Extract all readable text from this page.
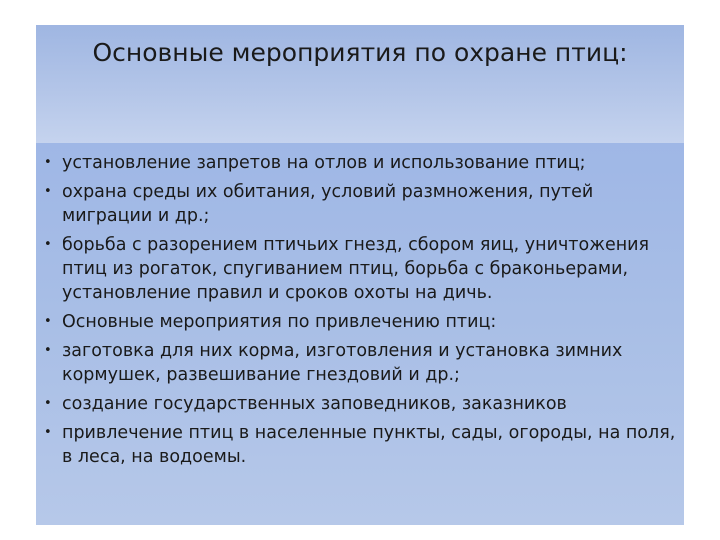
Основные мероприятия по охране птиц:
• установление запретов на отлов и использование птиц;
• охрана среды их обитания, условий размножения, путей миграции и др.;
• борьба с разорением птичьих гнезд, сбором яиц, уничтожения птиц из рогаток, спугиванием птиц, борьба с браконьерами, установление правил и сроков охоты на дичь.
• Основные мероприятия по привлечению птиц:
• заготовка для них корма, изготовления и установка зимних кормушек, развешивание гнездовий и др.;
• создание государственных заповедников, заказников
• привлечение птиц в населенные пункты, сады, огороды, на поля, в леса, на водоемы.
